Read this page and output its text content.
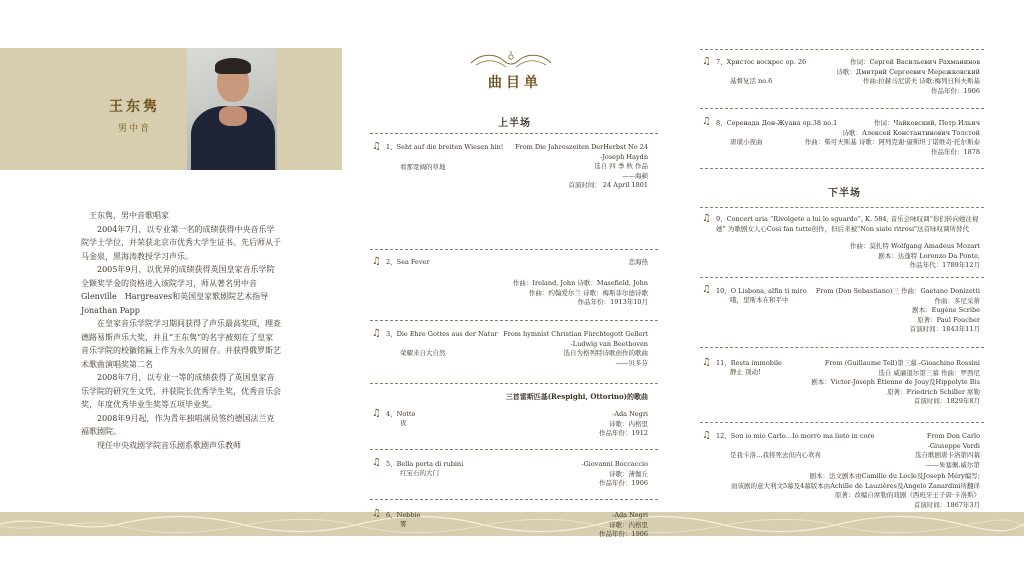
王东隽
男中音

王东隽，男中音歌唱家

2004年7月，以专业第一名的成绩获得中央音乐学院学士学位，并荣获北京市优秀大学生证书。先后师从于马金泉，黑海涛教授学习声乐。

2005年9月，以优异的成绩获得英国皇家音乐学院全额奖学金的资格进入该院学习，师从著名男中音Glenville　Hargreaves和英国皇家歌剧院艺术指导 Jonathan Papp

在皇家音乐学院学习期间获得了声乐最高奖项，理查德路易斯声乐大奖，并且“王东隽”的名字被刻在了皇家音乐学院的校徽铭匾上作为永久的留存。并获得俄罗斯艺术歌曲演唱奖第二名

2008年7月，以专业一等的成绩获得了英国皇家音乐学院的研究生文凭，并获院长优秀学生奖，优秀音乐会奖，年度优秀毕业生奖等五项毕业奖。

2008年9月起，作为青年独唱演员签约德国法兰克福歌剧院。

现任中央戏剧学院音乐剧系歌剧声乐教师

曲目单
上半场
♫ 1、Seht auf die breiten Wiesen hin!
看那宽阔的草地
From Die Jahreszeiten DerHerbst No 24
-Joseph Haydn
选自 四 季 秋 作品
——海顿
首演时间： 24 April 1801
♫ 2、Sea Fever	恋海热
作曲：Ireland, John 诗歌：Masefield, John
作曲：约翰爱尔兰 诗歌：梅斯菲尔德诗歌
作品年份：1913年10月
♫ 3、Die Ehre Gottes aus der Natur
荣耀来自大自然
From hymnist Christian Fürchtegott Gellert
-Ludwig van Beethoven
选自为格列特诗歌创作的歌曲
——贝多芬
三首雷斯匹基(Respighi, Ottorino)的歌曲
♫ 4、Notte
夜
-Ada Negri
诗歌：内格里
作品年份：1912
♫ 5、Bella porta di rubini
红宝石的大门
-Giovanni Boccaccio
诗歌：薄伽丘
作品年份：1906
♫ 6、Nebbie
雾
-Ada Negri
诗歌：内格里
作品年份：1906
♫ 7、Христос воскрес op. 26
基督复活 no.6
作词：Сергей Васильевич Рахманинов
诗歌：Дмитрий Сергеевич Мережковский
作曲:拉赫马尼诺夫 诗歌:梅列日科夫斯基
作品年份：1906
♫ 8、Серенада Дон-Жуана op.38 no.1
唐璜小夜曲
作词：Чайковский, Петр Ильич
诗歌：Алексей Константинович Толстой
作曲：柴可夫斯基 诗歌：阿列克谢·康斯坦丁诺维奇·托尔斯泰
作品年份：1878
下半场
♫ 9、Concert aria “Rivolgete a lui lo sguardo”, K. 584, 音乐会咏叹调“你们转向她注视她” 为歌剧女人心Cosi fan tutte创作，但后来被"Non siate ritrosi"这首咏叹调所替代
作曲：莫扎特 Wolfgang Amadeus Mozart
剧本：达蓬特 Lorenzo Da Ponte,
作品年代：1789年12月
♫ 10、O Lisbona, alfin ti miro
哦，里斯本在和平中
From (Don Sebastiano)三 作曲：Gaetano Donizetti
作曲：多尼采蒂
剧本：Eugène Scribe
原著：Paul Foucher
首演时间：1843年11月
♫ 11、Resta immobile
静止 别动!
From (Guillaume Tell)第三幕 -Gioachino Rossini
选自 威廉退尔第三幕 作曲：罗西尼
剧本：Victor-Joseph Étienne de Jouy及Hippolyte Bis
原著：Friedrich Schiller 席勒
首演时间：1829年8月
♫ 12、Son io mio Carlo…Io morrò ma lieto in core
是我卡洛…我将死去但内心欢喜
From Don Carlo
-Giuseppe Verdi
选自歌剧唐卡洛第四幕
——朱塞佩.威尔第
剧本：法文剧本由Camille du Locle及Joseph Méry编写;
而该剧的意大利文5幕及4幕版本由Achille de Lauzières及Angelo Zanardini所翻译
原著：改编自席勒的戏剧《西班牙王子唐·卡洛斯》
首演时间：1867年3月
